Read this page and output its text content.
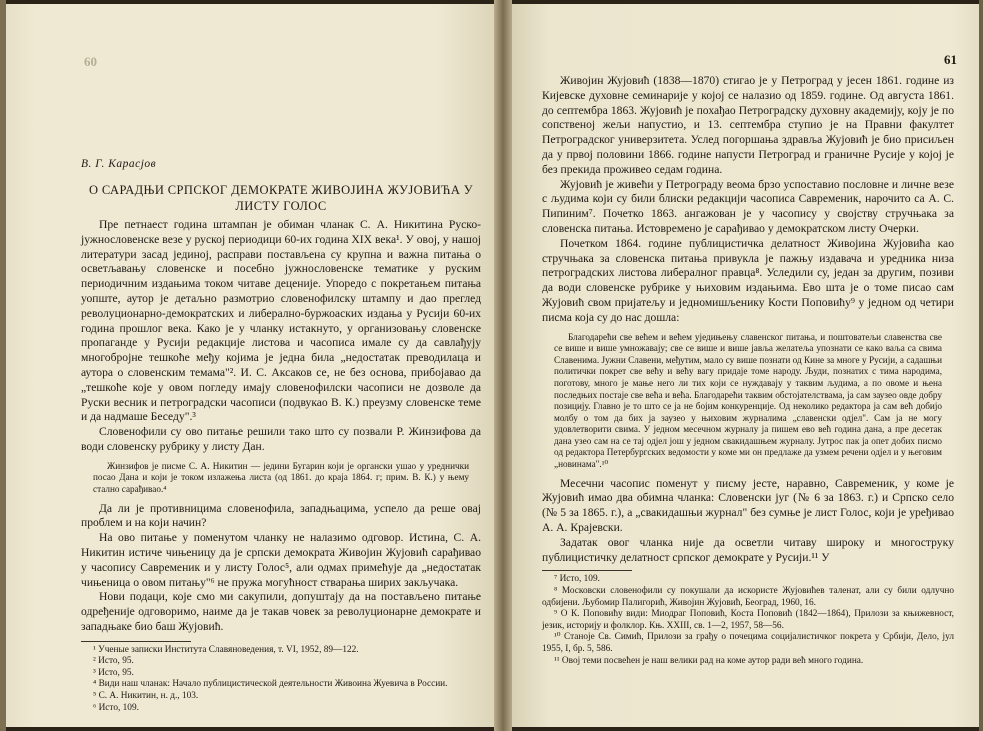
60
В. Г. Карасјов
О САРАДЊИ СРПСКОГ ДЕМОКРАТЕ ЖИВОЈИНА ЖУЈОВИЋА У ЛИСТУ ГОЛОС

Пре петнаест година штампан је обиман чланак С. А. Никитина Руско-јужнословенске везе у руској периодици 60-их година XIX века¹. У овој, у нашој литератури засад јединој, расправи постављена су крупна и важна питања о осветљавању словенске и посебно јужнословенске тематике у руским периодичним издањима током читаве деценије. Упоредо с покретањем питања уопште, аутор је детаљно размотрио словенофилску штампу и дао преглед револуционарно-демократских и либерално-буржоаских издања у Русији 60-их година прошлог века. Како је у чланку истакнуто, у организовању словенске пропаганде у Русији редакције листова и часописа имале су да савлађују многобројне тешкоће међу којима је једна била „недостатак преводилаца и аутора о словенским темама"². И. С. Аксаков се, не без основа, прибојавао да „тешкоће које у овом погледу имају словенофилски часописи не дозволе да Руски весник и петроградски часописи (подвукао В. К.) преузму словенске теме и да надмаше Беседу".³

Словенофили су ово питање решили тако што су позвали Р. Жинзифова да води словенску рубрику у листу Дан.

Жинзифов је писме С. А. Никитин — једини Бугарин који је органски ушао у уреднички посао Дана и који је током излажења листа (од 1861. до краја 1864. г; прим. В. К.) у њему стално сарађивао.⁴

Да ли је противницима словенофила, западњацима, успело да реше овај проблем и на који начин?

На ово питање у поменутом чланку не налазимо одговор. Истина, С. А. Никитин истиче чињеницу да је српски демократа Живојин Жујовић сарађивао у часопису Савременик и у листу Голос⁵, али одмах примећује да „недостатак чињеница о овом питању"⁶ не пружа могућност стварања ширих закључака.

Нови подаци, које смо ми сакупили, допуштају да на постављено питање одређеније одговоримо, наиме да је такав човек за револуционарне демократе и западњаке био баш Жујовић.

¹ Ученые записки Института Славяноведения, т. VI, 1952, 89—122.

² Исто, 95.

³ Исто, 95.

⁴ Види наш чланак: Начало публицистической деятельности Живоина Жуевича в России.

⁵ С. А. Никитин, н. д., 103.

⁶ Исто, 109.

61

Живојин Жујовић (1838—1870) стигао је у Петроград у јесен 1861. године из Кијевске духовне семинарије у којој се налазио од 1859. године. Од августа 1861. до септембра 1863. Жујовић је похађао Петроградску духовну академију, коју је по сопственој жељи напустио, и 13. септембра ступио је на Правни факултет Петроградског универзитета. Услед погоршања здравља Жујовић је био присиљен да у првој половини 1866. године напусти Петроград и граничне Русије у којој је без прекида проживео седам година.

Жујовић је живећи у Петрограду веома брзо успоставио пословне и личне везе с људима који су били блиски редакцији часописа Савременик, нарочито са А. С. Пипиним⁷. Почетко 1863. ангажован је у часопису у својству стручњака за словенска питања. Истовремено је сарађивао у демократском листу Очерки.

Почетком 1864. године публицистичка делатност Живојина Жујовића као стручњака за словенска питања привукла је пажњу издавача и уредника низа петроградских листова либералног правца⁸. Уследили су, један за другим, позиви да води словенске рубрике у њиховим издањима. Ево шта је о томе писао сам Жујовић свом пријатељу и једномишљенику Кости Поповићу⁹ у једном од четири писма која су до нас дошла:

Благодарећи све већем и већем уједињењу славенског питања, и поштоватељи славенства све се више и више умножавају; све се више и више јавља желатеља упознати се како ваља са свима Славенима. Јужни Славени, међутим, мало су више познати од Кине за многе у Русији, а садашњи политички покрет све већу и већу вагу придаје томе народу. Људи, познатих с тима народима, поготову, много је мање него ли тих који се нуждавају у таквим људима, а по овоме и њена последњих постаје све већа и већа. Благодарећи таквим обстојателствама, ја сам заузео овде добру позицију. Главно је то што се ја не бојим конкуренције. Од неколико редактора ја сам већ добијо молбу о том да бих ја заузео у њиховим журналима „славенски одјел". Сам ја не могу удовлетворити свима. У једном месечном журналу ја пишем ево већ година дана, а пре десетак дана узео сам на се тај одјел још у једном свакидашњем журналу. Јутрос пак ја опет добих писмо од редактора Петербургских ведомости у коме ми он предлаже да узмем речени одјел и у његовим „новинама".¹⁰

Месечни часопис поменут у писму јесте, наравно, Савременик, у коме је Жујовић имао два обимна чланка: Словенски југ (№ 6 за 1863. г.) и Српско село (№ 5 за 1865. г.), а „свакидашњи журнал" без сумње је лист Голос, који је уређивао А. А. Крајевски.

Задатак овог чланка није да осветли читаву широку и многострукy публицистичку делатност српског демократе у Русији.¹¹ У

⁷ Исто, 109.

⁸ Московски словенофили су покушали да искористе Жујовићев таленат, али су били одлучно одбијени. Љубомир Палигорић, Живојин Жујовић, Београд, 1960, 16.

⁹ О К. Поповићу види: Миодраг Поповић, Коста Поповић (1842—1864), Прилози за књижевност, језик, историју и фолклор. Књ. XXIII, св. 1—2, 1957, 58—56.

¹⁰ Станоје Св. Симић, Прилози за грађу о почецима социјалистичког покрета у Србији, Дело, јул 1955, I, бр. 5, 586.

¹¹ Овој теми посвећен је наш велики рад на коме аутор ради већ много година.
